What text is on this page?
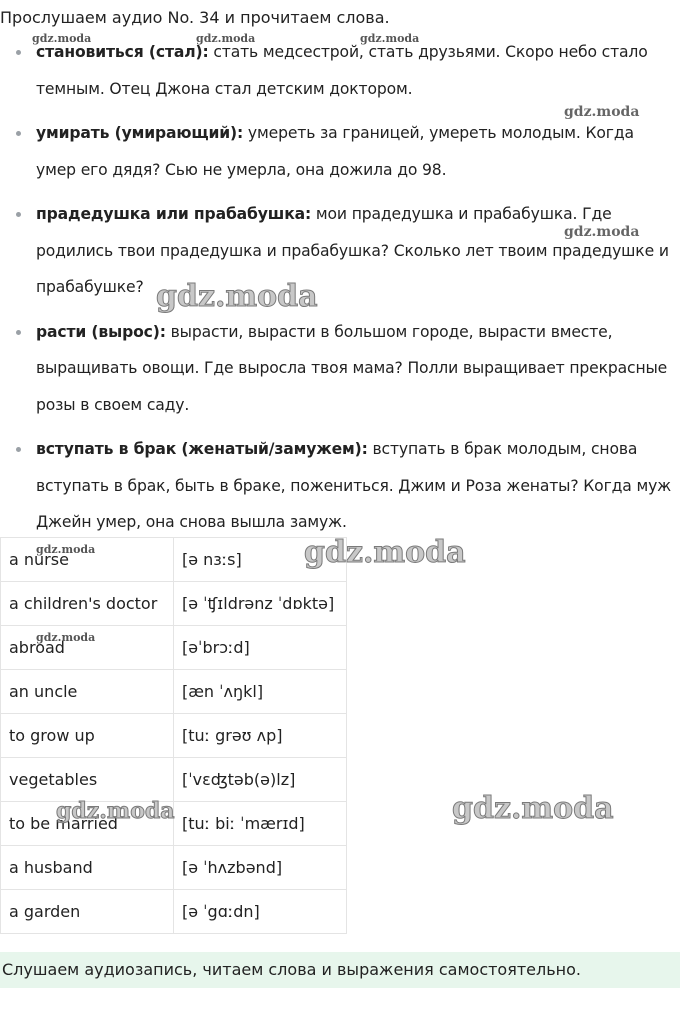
Прослушаем аудио No. 34 и прочитаем слова.
становиться (стал): стать медсестрой, стать друзьями. Скоро небо стало темным. Отец Джона стал детским доктором.
умирать (умирающий): умереть за границей, умереть молодым. Когда умер его дядя? Сью не умерла, она дожила до 98.
прадедушка или прабабушка: мои прадедушка и прабабушка. Где родились твои прадедушка и прабабушка? Сколько лет твоим прадедушке и прабабушке?
расти (вырос): вырасти, вырасти в большом городе, вырасти вместе, выращивать овощи. Где выросла твоя мама? Полли выращивает прекрасные розы в своем саду.
вступать в брак (женатый/замужем): вступать в брак молодым, снова вступать в брак, быть в браке, пожениться. Джим и Роза женаты? Когда муж Джейн умер, она снова вышла замуж.
a nurse	[ə nɜːs]	
a children's doctor	[ə ˈʧɪldrənz ˈdɒktə]	
abroad	[əˈbrɔːd]	
an uncle	[æn ˈʌŋkl]	
to grow up	[tuː grəʊ ʌp]	
vegetables	[ˈvɛʤtəb(ə)lz]	
to be married	[tuː biː ˈmærɪd]	
a husband	[ə ˈhʌzbənd]	
a garden	[ə ˈgɑːdn]	
Слушаем аудиозапись, читаем слова и выражения самостоятельно.
gdz.moda	gdz.moda	gdz.moda
gdz.moda
gdz.moda
gdz.moda
gdz.moda	gdz.moda
gdz.moda
gdz.moda	gdz.moda
